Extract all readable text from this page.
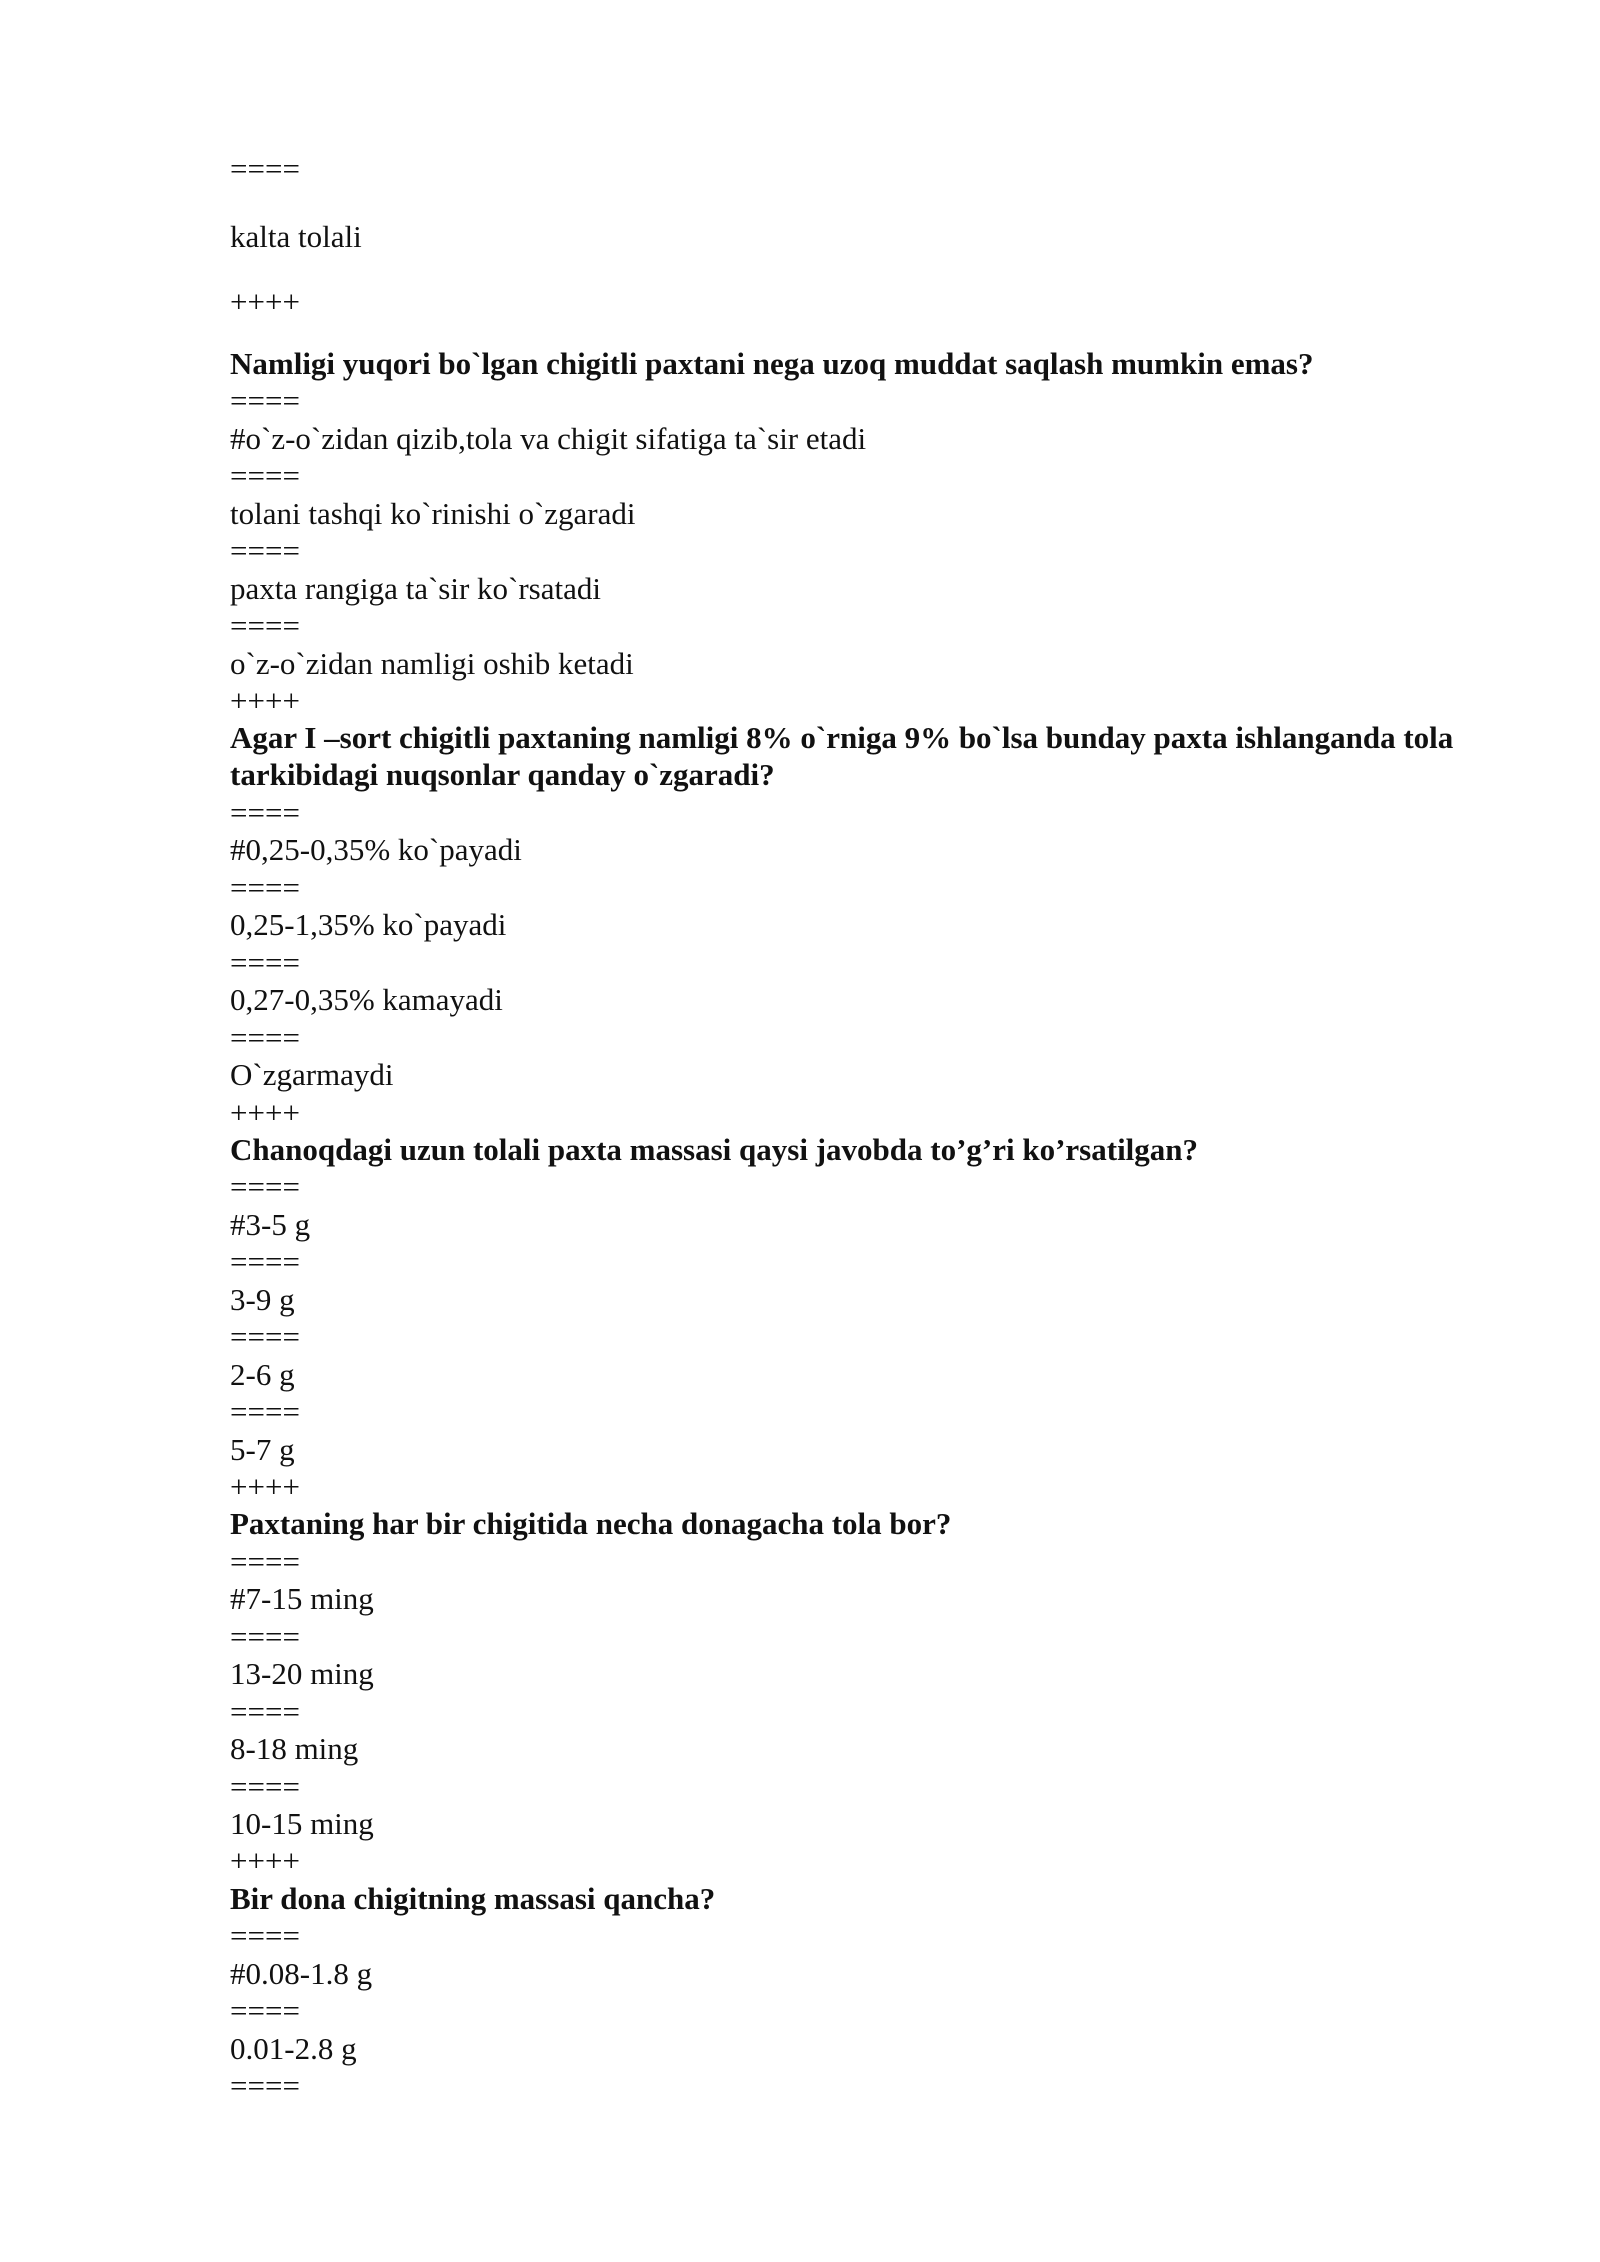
====
kalta tolali
++++
Namligi yuqori bo`lgan chigitli paxtani nega uzoq muddat saqlash mumkin emas?
====
#o`z-o`zidan qizib,tola va chigit sifatiga ta`sir etadi
====
tolani tashqi ko`rinishi o`zgaradi
====
paxta rangiga ta`sir ko`rsatadi
====
o`z-o`zidan namligi oshib ketadi
++++
Agar I –sort chigitli paxtaning namligi 8% o`rniga 9% bo`lsa bunday paxta ishlanganda tola tarkibidagi nuqsonlar qanday o`zgaradi?
====
#0,25-0,35% ko`payadi
====
0,25-1,35% ko`payadi
====
0,27-0,35% kamayadi
====
O`zgarmaydi
++++
Chanoqdagi uzun tolali paxta massasi qaysi javobda to’g’ri ko’rsatilgan?
====
#3-5 g
====
3-9 g
====
2-6 g
====
5-7 g
++++
Paxtaning har bir chigitida necha donagacha tola bor?
====
#7-15 ming
====
13-20 ming
====
8-18 ming
====
10-15 ming
++++
Bir dona chigitning massasi qancha?
====
#0.08-1.8 g
====
0.01-2.8 g
====
